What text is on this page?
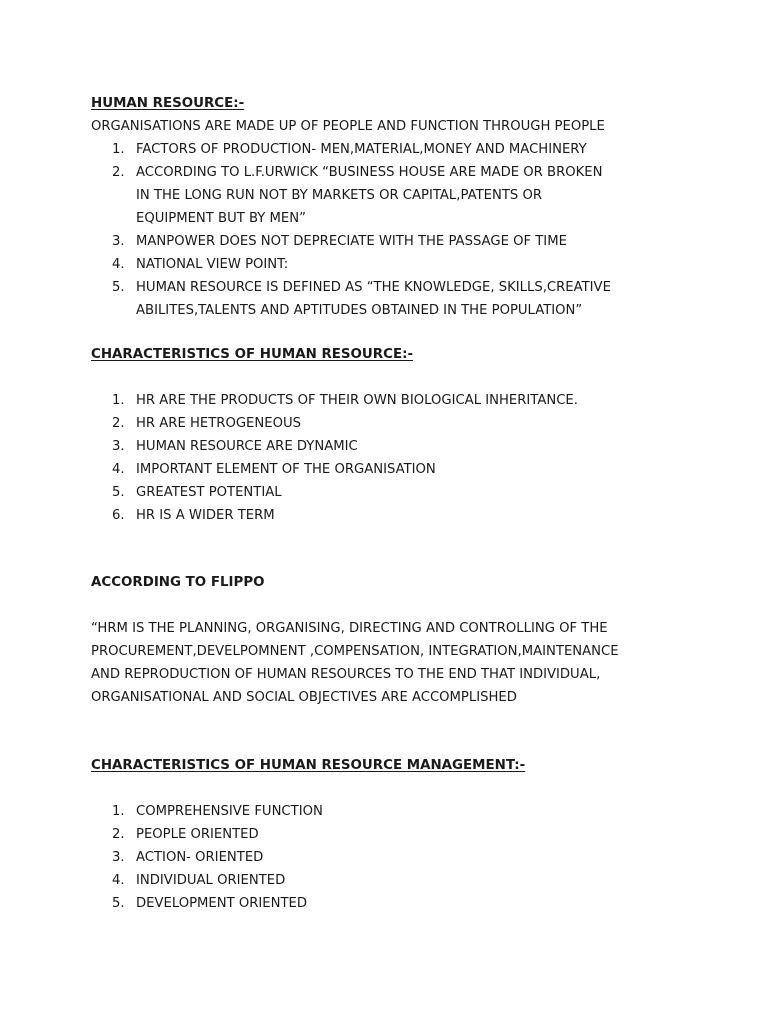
HUMAN RESOURCE:-
ORGANISATIONS ARE MADE UP OF PEOPLE AND FUNCTION THROUGH PEOPLE
1. FACTORS OF PRODUCTION- MEN,MATERIAL,MONEY AND MACHINERY
2. ACCORDING TO L.F.URWICK “BUSINESS HOUSE ARE MADE OR BROKEN
IN THE LONG RUN NOT BY MARKETS OR CAPITAL,PATENTS OR
EQUIPMENT BUT BY MEN”
3. MANPOWER DOES NOT DEPRECIATE WITH THE PASSAGE OF TIME
4. NATIONAL VIEW POINT:
5. HUMAN RESOURCE IS DEFINED AS “THE KNOWLEDGE, SKILLS,CREATIVE
ABILITES,TALENTS AND APTITUDES OBTAINED IN THE POPULATION”
CHARACTERISTICS OF HUMAN RESOURCE:-
1. HR ARE THE PRODUCTS OF THEIR OWN BIOLOGICAL INHERITANCE.
2. HR ARE HETROGENEOUS
3. HUMAN RESOURCE ARE DYNAMIC
4. IMPORTANT ELEMENT OF THE ORGANISATION
5. GREATEST POTENTIAL
6. HR IS A WIDER TERM
ACCORDING TO FLIPPO
“HRM IS THE PLANNING, ORGANISING, DIRECTING AND CONTROLLING OF THE
PROCUREMENT,DEVELPOMNENT ,COMPENSATION, INTEGRATION,MAINTENANCE
AND REPRODUCTION OF HUMAN RESOURCES TO THE END THAT INDIVIDUAL,
ORGANISATIONAL AND SOCIAL OBJECTIVES ARE ACCOMPLISHED
CHARACTERISTICS OF HUMAN RESOURCE MANAGEMENT:-
1. COMPREHENSIVE FUNCTION
2. PEOPLE ORIENTED
3. ACTION- ORIENTED
4. INDIVIDUAL ORIENTED
5. DEVELOPMENT ORIENTED
